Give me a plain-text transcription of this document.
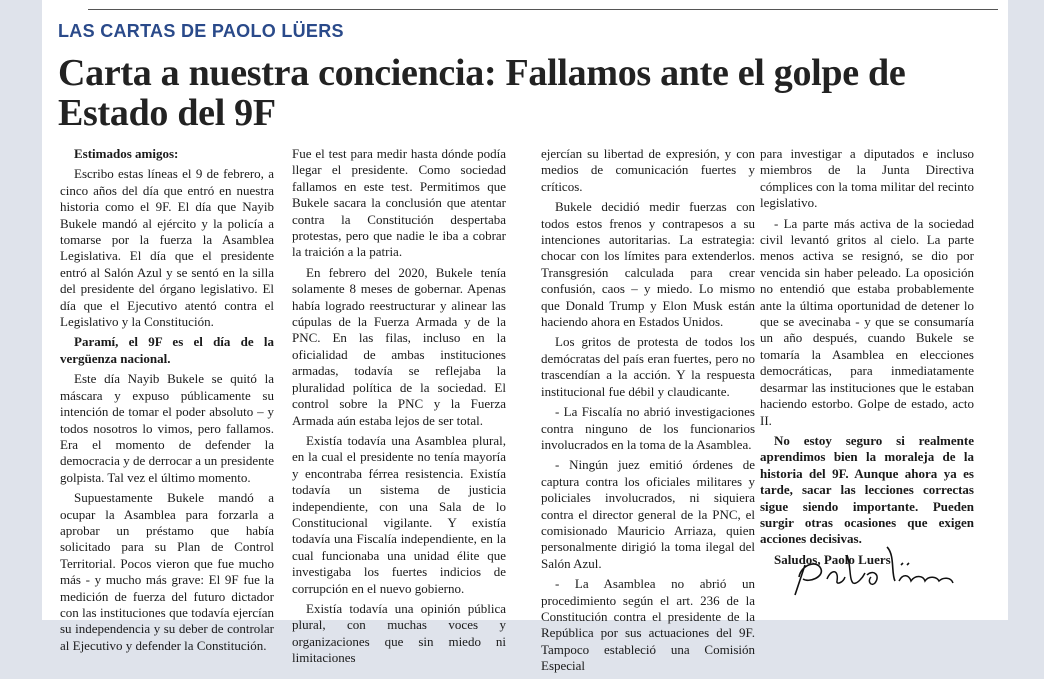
LAS CARTAS DE PAOLO LÜERS
Carta a nuestra conciencia: Fallamos ante el golpe de Estado del 9F

Estimados amigos:

Escribo estas líneas el 9 de febrero, a cinco años del día que entró en nuestra historia como el 9F. El día que Nayib Bukele mandó al ejército y la policía a tomarse por la fuerza la Asamblea Legislativa. El día que el presidente entró al Salón Azul y se sentó en la silla del presidente del órgano legislativo. El día que el Ejecutivo atentó contra el Legislativo y la Constitución.

Paramí, el 9F es el día de la vergüenza nacional.

Este día Nayib Bukele se quitó la máscara y expuso públicamente su intención de tomar el poder absoluto – y todos nosotros lo vimos, pero fallamos. Era el momento de defender la democracia y de derrocar a un presidente golpista. Tal vez el último momento.

Supuestamente Bukele mandó a ocupar la Asamblea para forzarla a aprobar un préstamo que había solicitado para su Plan de Control Territorial. Pocos vieron que fue mucho más - y mucho más grave: El 9F fue la medición de fuerza del futuro dictador con las instituciones que todavía ejercían su independencia y su deber de controlar al Ejecutivo y defender la Constitución.

Fue el test para medir hasta dónde podía llegar el presidente. Como sociedad fallamos en este test. Permitimos que Bukele sacara la conclusión que atentar contra la Constitución despertaba protestas, pero que nadie le iba a cobrar la traición a la patria.

En febrero del 2020, Bukele tenía solamente 8 meses de gobernar. Apenas había logrado reestructurar y alinear las cúpulas de la Fuerza Armada y de la PNC. En las filas, incluso en la oficialidad de ambas instituciones armadas, todavía se reflejaba la pluralidad política de la sociedad. El control sobre la PNC y la Fuerza Armada aún estaba lejos de ser total.

Existía todavía una Asamblea plural, en la cual el presidente no tenía mayoría y encontraba férrea resistencia. Existía todavía un sistema de justicia independiente, con una Sala de lo Constitucional vigilante. Y existía todavía una Fiscalía independiente, en la cual funcionaba una unidad élite que investigaba los fuertes indicios de corrupción en el nuevo gobierno.

Existía todavía una opinión pública plural, con muchas voces y organizaciones que sin miedo ni limitaciones

ejercían su libertad de expresión, y con medios de comunicación fuertes y críticos.

Bukele decidió medir fuerzas con todos estos frenos y contrapesos a su intenciones autoritarias. La estrategia: chocar con los límites para extenderlos. Transgresión calculada para crear confusión, caos – y miedo. Lo mismo que Donald Trump y Elon Musk están haciendo ahora en Estados Unidos.

Los gritos de protesta de todos los demócratas del país eran fuertes, pero no trascendían a la acción. Y la respuesta institucional fue débil y claudicante.

- La Fiscalía no abrió investigaciones contra ninguno de los funcionarios involucrados en la toma de la Asamblea.

- Ningún juez emitió órdenes de captura contra los oficiales militares y policiales involucrados, ni siquiera contra el director general de la PNC, el comisionado Mauricio Arriaza, quien personalmente dirigió la toma ilegal del Salón Azul.

- La Asamblea no abrió un procedimiento según el art. 236 de la Constitución contra el presidente de la República por sus actuaciones del 9F. Tampoco estableció una Comisión Especial

para investigar a diputados e incluso miembros de la Junta Directiva cómplices con la toma militar del recinto legislativo.

- La parte más activa de la sociedad civil levantó gritos al cielo. La parte menos activa se resignó, se dio por vencida sin haber peleado. La oposición no entendió que estaba probablemente ante la última oportunidad de detener lo que se avecinaba - y que se consumaría un año después, cuando Bukele se tomaría la Asamblea en elecciones democráticas, para inmediatamente desarmar las instituciones que le estaban haciendo estorbo. Golpe de estado, acto II.

No estoy seguro si realmente aprendimos bien la moraleja de la historia del 9F. Aunque ahora ya es tarde, sacar las lecciones correctas sigue siendo importante. Pueden surgir otras ocasiones que exigen acciones decisivas.

Saludos, Paolo Luers
